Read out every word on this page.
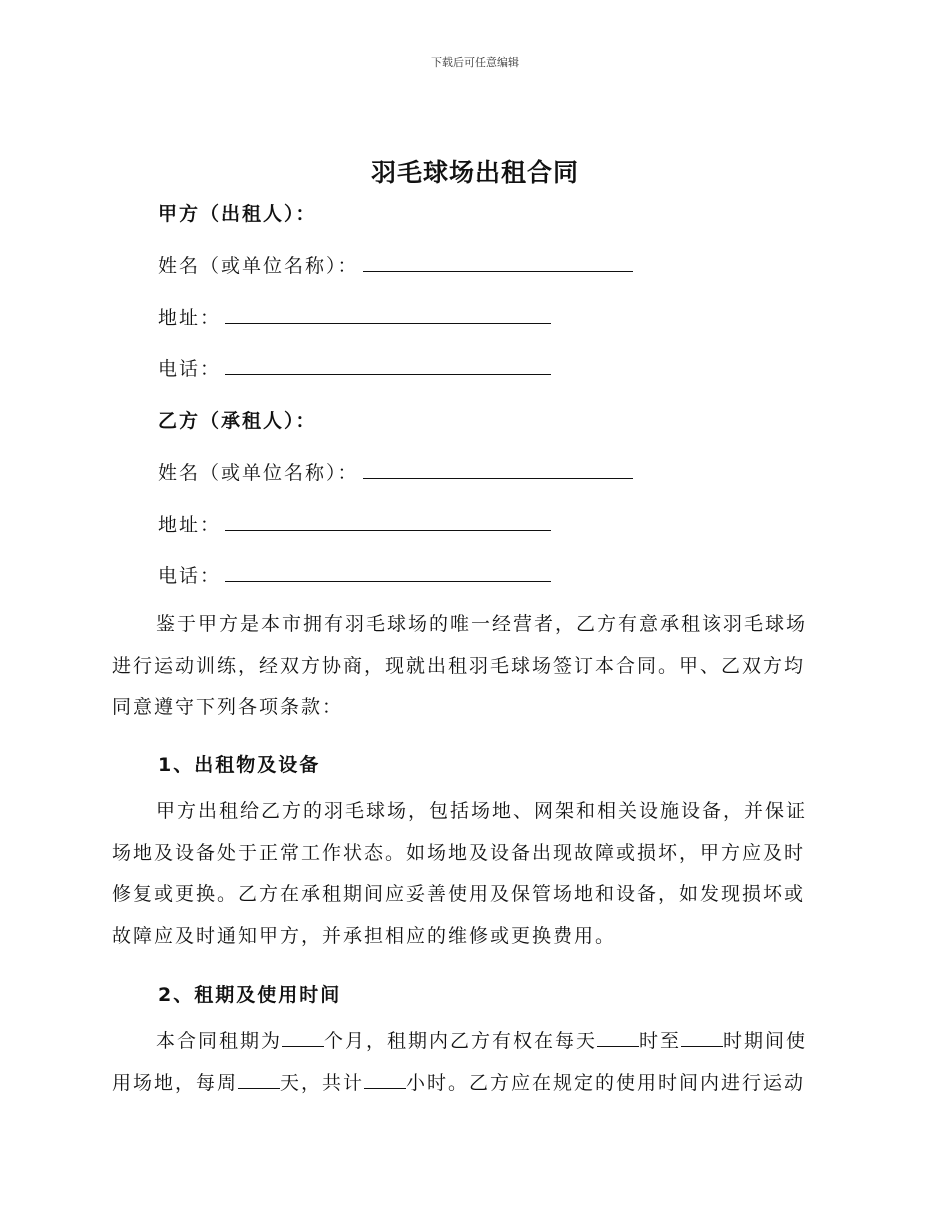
下载后可任意编辑
羽毛球场出租合同
甲方（出租人）：
姓名（或单位名称）：
地址：
电话：
乙方（承租人）：
姓名（或单位名称）：
地址：
电话：
鉴于甲方是本市拥有羽毛球场的唯一经营者，乙方有意承租该羽毛球场
进行运动训练，经双方协商，现就出租羽毛球场签订本合同。甲、乙双方均
同意遵守下列各项条款：
1、出租物及设备
甲方出租给乙方的羽毛球场，包括场地、网架和相关设施设备，并保证
场地及设备处于正常工作状态。如场地及设备出现故障或损坏，甲方应及时
修复或更换。乙方在承租期间应妥善使用及保管场地和设备，如发现损坏或
故障应及时通知甲方，并承担相应的维修或更换费用。
2、租期及使用时间
本合同租期为 个月，租期内乙方有权在每天 时至 时期间使
用场地，每周 天，共计 小时。乙方应在规定的使用时间内进行运动
